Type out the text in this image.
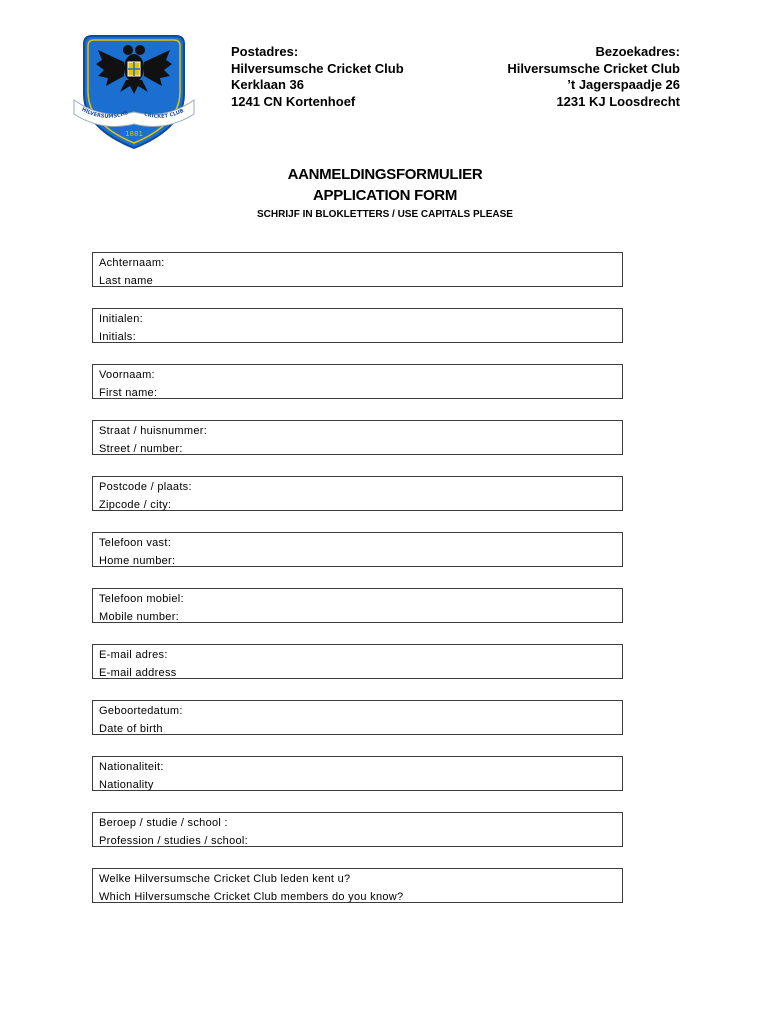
HILVERSUMSCHE	CRICKET CLUB
1881
Postadres:
Hilversumsche Cricket Club
Kerklaan 36
1241 CN Kortenhoef
Bezoekadres:
Hilversumsche Cricket Club
’t Jagerspaadje 26
1231 KJ Loosdrecht
AANMELDINGSFORMULIER
APPLICATION FORM
SCHRIJF IN BLOKLETTERS / USE CAPITALS PLEASE
Achternaam:
Last name
Initialen:
Initials:
Voornaam:
First name:
Straat / huisnummer:
Street / number:
Postcode / plaats:
Zipcode / city:
Telefoon vast:
Home number:
Telefoon mobiel:
Mobile number:
E-mail adres:
E-mail address
Geboortedatum:
Date of birth
Nationaliteit:
Nationality
Beroep / studie / school :
Profession / studies / school:
Welke Hilversumsche Cricket Club leden kent u?
Which Hilversumsche Cricket Club members do you know?
